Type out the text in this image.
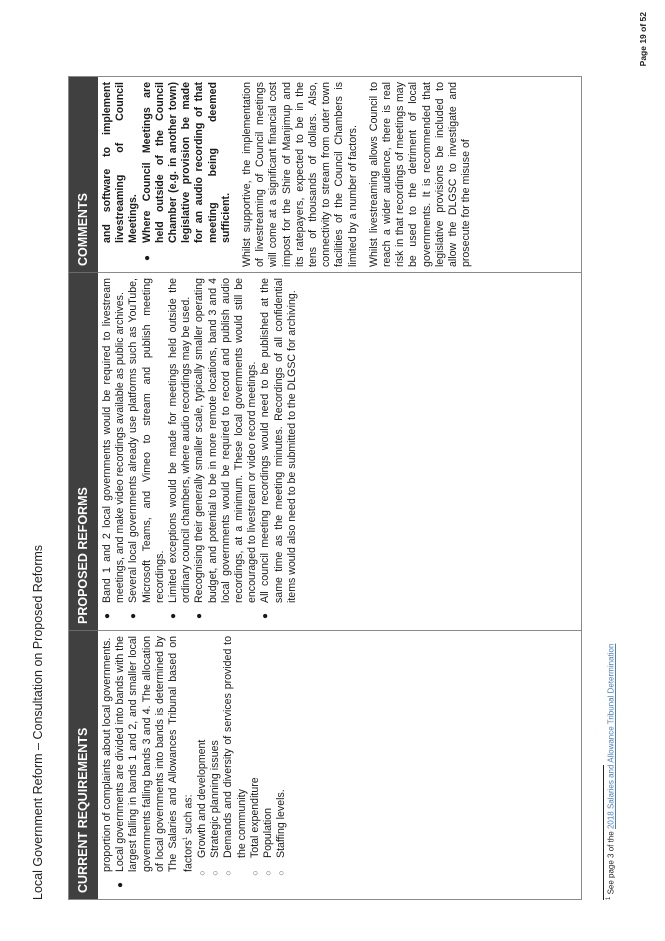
Local Government Reform – Consultation on Proposed Reforms	CURRENT REQUIREMENTS
PROPOSED REFORMS
COMMENTS
proportion of complaints about local governments.
●
Local governments are divided into bands with the largest falling in bands 1 and 2, and smaller local governments falling bands 3 and 4. The allocation of local governments into bands is determined by The Salaries and Allowances Tribunal based on factors$^1$ such as:
○
Growth and development
○
Strategic planning issues
○
Demands and diversity of services provided to the community
○
Total expenditure
○
Population
○
Staffing levels.
●
Band 1 and 2 local governments would be required to livestream meetings, and make video recordings available as public archives.
●
Several local governments already use platforms such as YouTube, Microsoft Teams, and Vimeo to stream and publish meeting recordings.
●
Limited exceptions would be made for meetings held outside the ordinary council chambers, where audio recordings may be used.
●
Recognising their generally smaller scale, typically smaller operating budget, and potential to be in more remote locations, band 3 and 4 local governments would be required to record and publish audio recordings, at a minimum. These local governments would still be encouraged to livestream or video record meetings.
●
All council meeting recordings would need to be published at the same time as the meeting minutes. Recordings of all confidential items would also need to be submitted to the DLGSC for archiving.
and software to implement livestreaming of Council Meetings.
●
Where Council Meetings are held outside of the Council Chamber (e.g. in another town) legislative provision be made for an audio recording of that meeting being deemed sufficient. Whilst supportive, the implementation of livestreaming of Council meetings will come at a significant financial cost impost for the Shire of Manjimup and its ratepayers, expected to be in the tens of thousands of dollars. Also, connectivity to stream from outer town facilities of the Council Chambers is limited by a number of factors. Whilst livestreaming allows Council to reach a wider audience, there is real risk in that recordings of meetings may be used to the detriment of local governments. It is recommended that legislative provisions be included to allow the DLGSC to investigate and prosecute for the misuse of
$^1$ See page 3 of the 2018 Salaries and Allowance Tribunal Determination
Page 19 of 52
